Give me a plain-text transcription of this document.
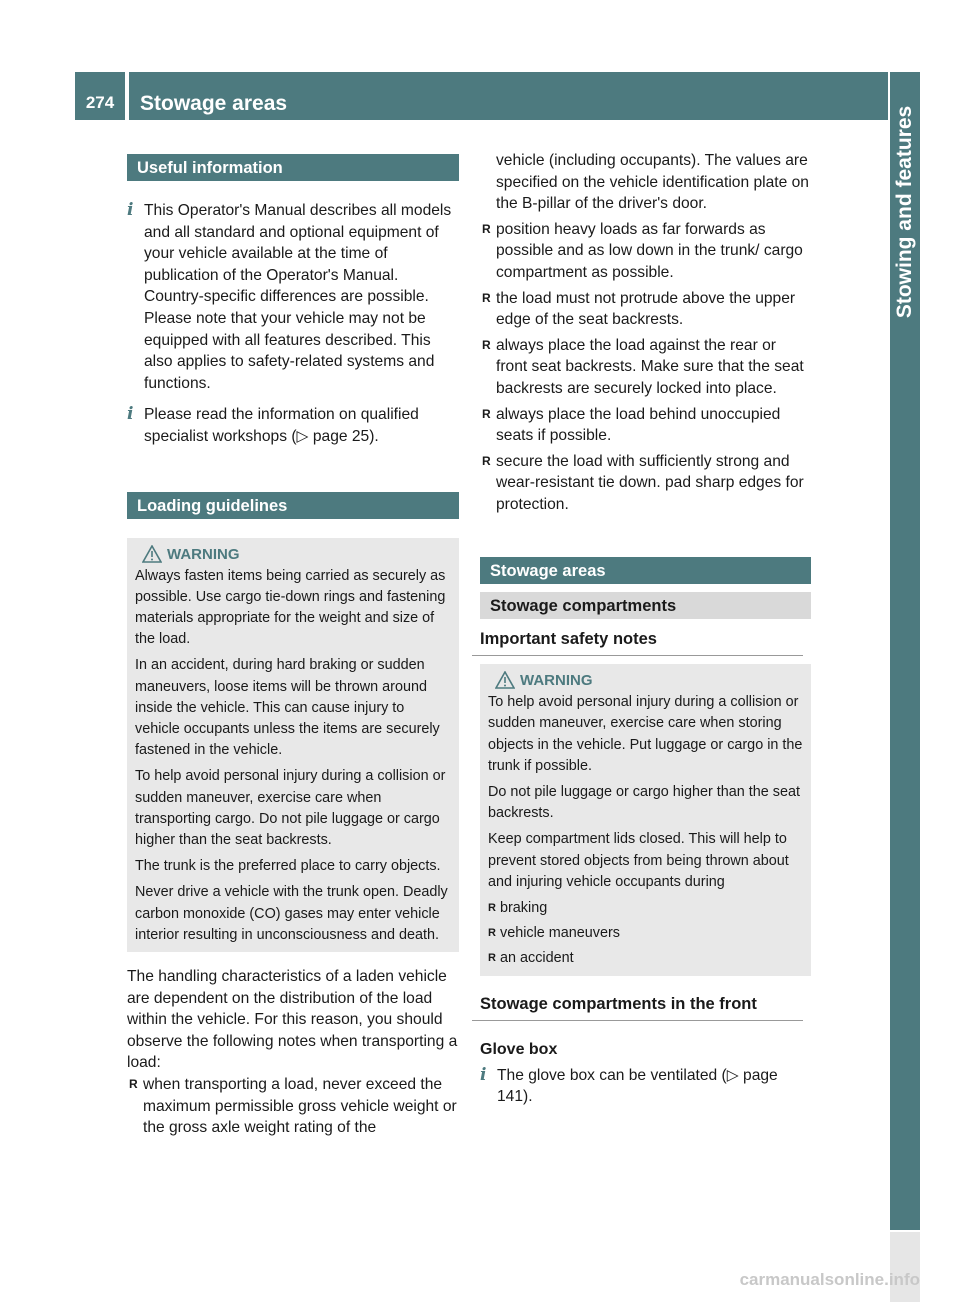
274	Stowage areas
Stowing and features
Useful information

i This Operator's Manual describes all models and all standard and optional equipment of your vehicle available at the time of publication of the Operator's Manual. Country-specific differences are possible. Please note that your vehicle may not be equipped with all features described. This also applies to safety-related systems and functions.

i Please read the information on qualified specialist workshops (▷ page 25).

Loading guidelines
WARNING

Always fasten items being carried as securely as possible. Use cargo tie-down rings and fastening materials appropriate for the weight and size of the load.

In an accident, during hard braking or sudden maneuvers, loose items will be thrown around inside the vehicle. This can cause injury to vehicle occupants unless the items are securely fastened in the vehicle.

To help avoid personal injury during a collision or sudden maneuver, exercise care when transporting cargo. Do not pile luggage or cargo higher than the seat backrests.

The trunk is the preferred place to carry objects.

Never drive a vehicle with the trunk open. Deadly carbon monoxide (CO) gases may enter vehicle interior resulting in unconsciousness and death.

The handling characteristics of a laden vehicle are dependent on the distribution of the load within the vehicle. For this reason, you should observe the following notes when transporting a load:

R when transporting a load, never exceed the maximum permissible gross vehicle weight or the gross axle weight rating of the

vehicle (including occupants). The values are specified on the vehicle identification plate on the B-pillar of the driver's door.

R position heavy loads as far forwards as possible and as low down in the trunk/ cargo compartment as possible.

R the load must not protrude above the upper edge of the seat backrests.

R always place the load against the rear or front seat backrests. Make sure that the seat backrests are securely locked into place.

R always place the load behind unoccupied seats if possible.

R secure the load with sufficiently strong and wear-resistant tie down. pad sharp edges for protection.

Stowage areas
Stowage compartments
Important safety notes
WARNING

To help avoid personal injury during a collision or sudden maneuver, exercise care when storing objects in the vehicle. Put luggage or cargo in the trunk if possible.

Do not pile luggage or cargo higher than the seat backrests.

Keep compartment lids closed. This will help to prevent stored objects from being thrown about and injuring vehicle occupants during

R braking

R vehicle maneuvers

R an accident

Stowage compartments in the front
Glove box

i The glove box can be ventilated (▷ page 141).

carmanualsonline.info
